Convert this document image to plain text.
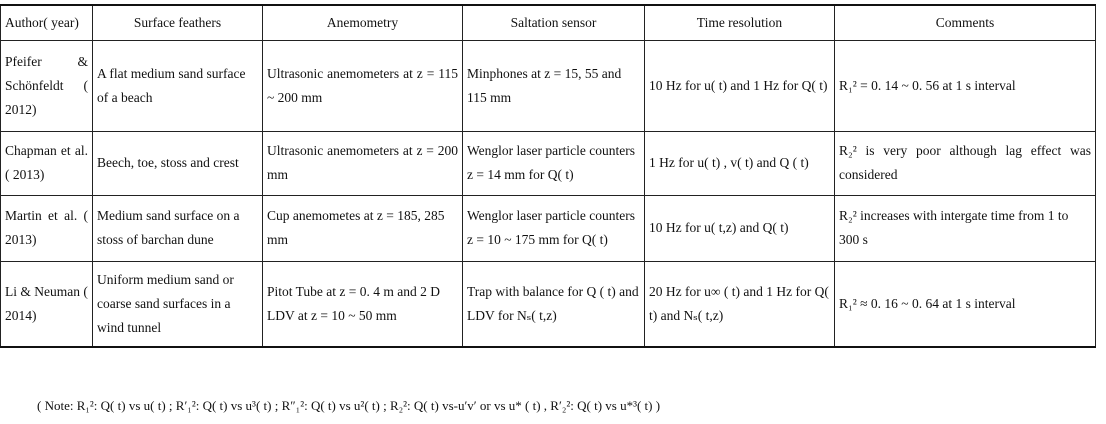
Author( year)	Surface feathers	Anemometry	Saltation sensor	Time resolution	Comments
Pfeifer & Schönfeldt ( 2012)	A flat medium sand surface of a beach	Ultrasonic anemometers at z = 115 ~ 200 mm	Minphones at z = 15, 55 and 115 mm	10 Hz for u( t) and 1 Hz for Q( t)	R₁² = 0. 14 ~ 0. 56 at 1 s interval
Chapman et al. ( 2013)	Beech, toe, stoss and crest	Ultrasonic anemometers at z = 200 mm	Wenglor laser particle counters z = 14 mm for Q( t)	1 Hz for u( t) , v( t) and Q ( t)	R₂² is very poor although lag effect was considered
Martin et al. ( 2013)	Medium sand surface on a stoss of barchan dune	Cup anemometes at z = 185, 285 mm	Wenglor laser particle counters z = 10 ~ 175 mm for Q( t)	10 Hz for u( t,z) and Q( t)	R₂² increases with intergate time from 1 to 300 s
Li & Neuman ( 2014)	Uniform medium sand or coarse sand surfaces in a wind tunnel	Pitot Tube at z = 0. 4 m and 2 D LDV at z = 10 ~ 50 mm	Trap with balance for Q ( t) and LDV for Nₛ( t,z)	20 Hz for u∞ ( t) and 1 Hz for Q( t) and Nₛ( t,z)	R₁² ≈ 0. 16 ~ 0. 64 at 1 s interval
( Note: R₁²: Q( t) vs u( t) ; R′₁²: Q( t) vs u³( t) ; R″₁²: Q( t) vs u²( t) ; R₂²: Q( t) vs-u′v′ or vs u* ( t) , R′₂²: Q( t) vs u*³( t) )
